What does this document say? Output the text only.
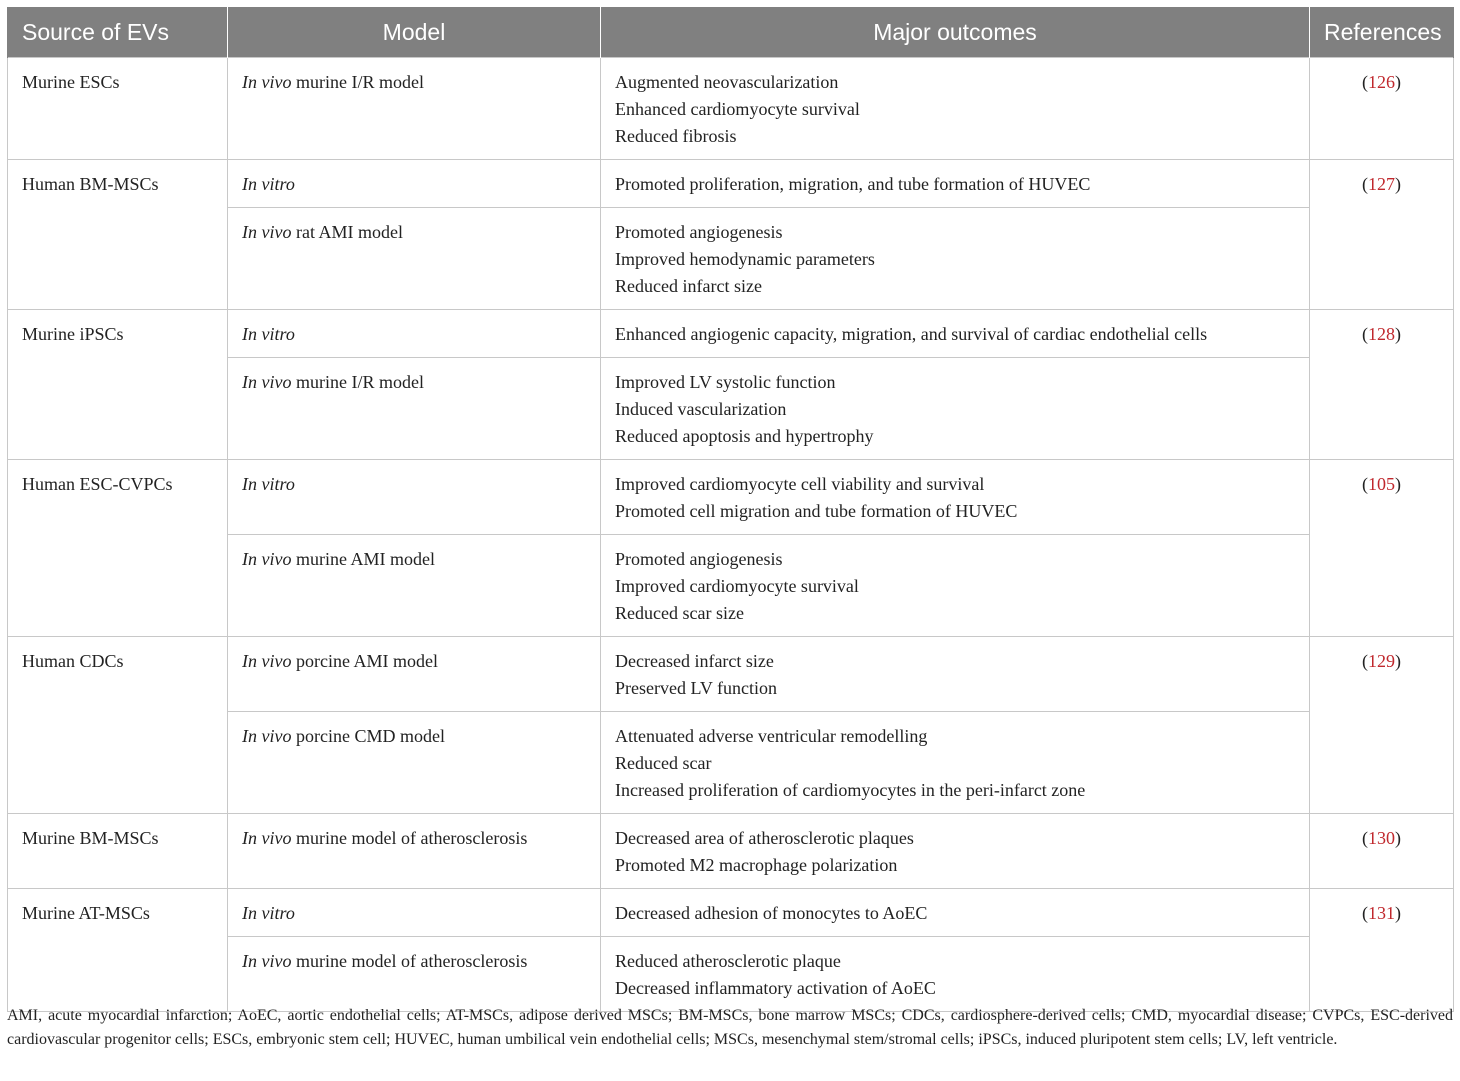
Source of EVs	Model	Major outcomes	References
Murine ESCs	In vivo murine I/R model	Augmented neovascularization
Enhanced cardiomyocyte survival
Reduced fibrosis	(126)
Human BM-MSCs	In vitro	Promoted proliferation, migration, and tube formation of HUVEC	(127)
	In vivo rat AMI model	Promoted angiogenesis
Improved hemodynamic parameters
Reduced infarct size	

Murine iPSCs	In vitro	Enhanced angiogenic capacity, migration, and survival of cardiac endothelial cells	(128)
	In vivo murine I/R model	Improved LV systolic function
Induced vascularization
Reduced apoptosis and hypertrophy	

Human ESC-CVPCs	In vitro	Improved cardiomyocyte cell viability and survival
Promoted cell migration and tube formation of HUVEC	(105)
	In vivo murine AMI model	Promoted angiogenesis
Improved cardiomyocyte survival
Reduced scar size	

Human CDCs	In vivo porcine AMI model	Decreased infarct size
Preserved LV function	(129)
	In vivo porcine CMD model	Attenuated adverse ventricular remodelling
Reduced scar
Increased proliferation of cardiomyocytes in the peri-infarct zone	

Murine BM-MSCs	In vivo murine model of atherosclerosis	Decreased area of atherosclerotic plaques
Promoted M2 macrophage polarization	(130)
Murine AT-MSCs	In vitro	Decreased adhesion of monocytes to AoEC	(131)
	In vivo murine model of atherosclerosis	Reduced atherosclerotic plaque
Decreased inflammatory activation of AoEC	
AMI, acute myocardial infarction; AoEC, aortic endothelial cells; AT-MSCs, adipose derived MSCs; BM-MSCs, bone marrow MSCs; CDCs, cardiosphere-derived cells; CMD, myocardial disease; CVPCs, ESC-derived cardiovascular progenitor cells; ESCs, embryonic stem cell; HUVEC, human umbilical vein endothelial cells; MSCs, mesenchymal stem/stromal cells; iPSCs, induced pluripotent stem cells; LV, left ventricle.
